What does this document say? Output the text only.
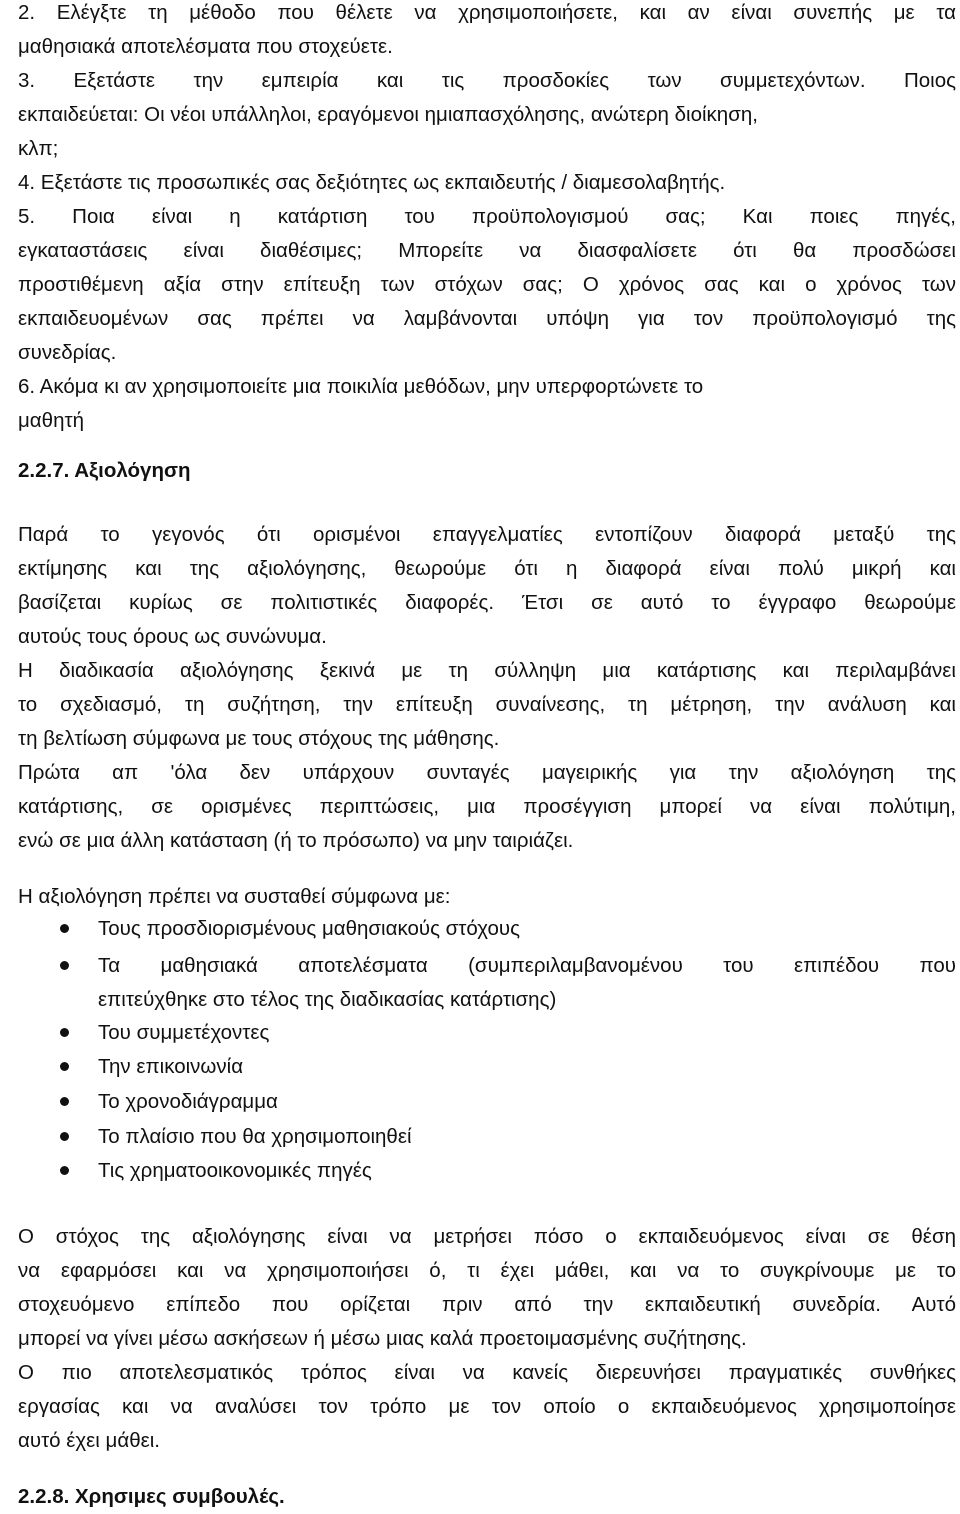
2. Ελέγξτε τη μέθοδο που θέλετε να χρησιμοποιήσετε, και αν είναι συνεπής με τα
μαθησιακά αποτελέσματα που στοχεύετε.
3. Εξετάστε την εμπειρία και τις προσδοκίες των συμμετεχόντων. Ποιος
εκπαιδεύεται: Οι νέοι υπάλληλοι, εραγόμενοι ημιαπασχόλησης, ανώτερη διοίκηση,
κλπ;
4. Εξετάστε τις προσωπικές σας δεξιότητες ως εκπαιδευτής / διαμεσολαβητής.
5. Ποια είναι η κατάρτιση του προϋπολογισμού σας; Και ποιες πηγές,
εγκαταστάσεις είναι διαθέσιμες; Μπορείτε να διασφαλίσετε ότι θα προσδώσει
προστιθέμενη αξία στην επίτευξη των στόχων σας; Ο χρόνος σας και ο χρόνος των
εκπαιδευομένων σας πρέπει να λαμβάνονται υπόψη για τον προϋπολογισμό της
συνεδρίας.
6. Ακόμα κι αν χρησιμοποιείτε μια ποικιλία μεθόδων, μην υπερφορτώνετε το
μαθητή
2.2.7. Αξιολόγηση
Παρά το γεγονός ότι ορισμένοι επαγγελματίες εντοπίζουν διαφορά μεταξύ της
εκτίμησης και της αξιολόγησης, θεωρούμε ότι η διαφορά είναι πολύ μικρή και
βασίζεται κυρίως σε πολιτιστικές διαφορές. Έτσι σε αυτό το έγγραφο θεωρούμε
αυτούς τους όρους ως συνώνυμα.
Η διαδικασία αξιολόγησης ξεκινά με τη σύλληψη μια κατάρτισης και περιλαμβάνει
το σχεδιασμό, τη συζήτηση, την επίτευξη συναίνεσης, τη μέτρηση, την ανάλυση και
τη βελτίωση σύμφωνα με τους στόχους της μάθησης.
Πρώτα απ 'όλα δεν υπάρχουν συνταγές μαγειρικής για την αξιολόγηση της
κατάρτισης, σε ορισμένες περιπτώσεις, μια προσέγγιση μπορεί να είναι πολύτιμη,
ενώ σε μια άλλη κατάσταση (ή το πρόσωπο) να μην ταιριάζει.
Η αξιολόγηση πρέπει να συσταθεί σύμφωνα με:
Τους προσδιορισμένους μαθησιακούς στόχους
Τα μαθησιακά αποτελέσματα (συμπεριλαμβανομένου του επιπέδου που
επιτεύχθηκε στο τέλος της διαδικασίας κατάρτισης)
Του συμμετέχοντες
Την επικοινωνία
Το χρονοδιάγραμμα
Το πλαίσιο που θα χρησιμοποιηθεί
Τις χρηματοοικονομικές πηγές
Ο στόχος της αξιολόγησης είναι να μετρήσει πόσο ο εκπαιδευόμενος είναι σε θέση
να εφαρμόσει και να χρησιμοποιήσει ό, τι έχει μάθει, και να το συγκρίνουμε με το
στοχευόμενο επίπεδο που ορίζεται πριν από την εκπαιδευτική συνεδρία. Αυτό
μπορεί να γίνει μέσω ασκήσεων ή μέσω μιας καλά προετοιμασμένης συζήτησης.
Ο πιο αποτελεσματικός τρόπος είναι να κανείς διερευνήσει πραγματικές συνθήκες
εργασίας και να αναλύσει τον τρόπο με τον οποίο ο εκπαιδευόμενος χρησιμοποίησε
αυτό έχει μάθει.
2.2.8. Χρησιμες συμβουλές.
